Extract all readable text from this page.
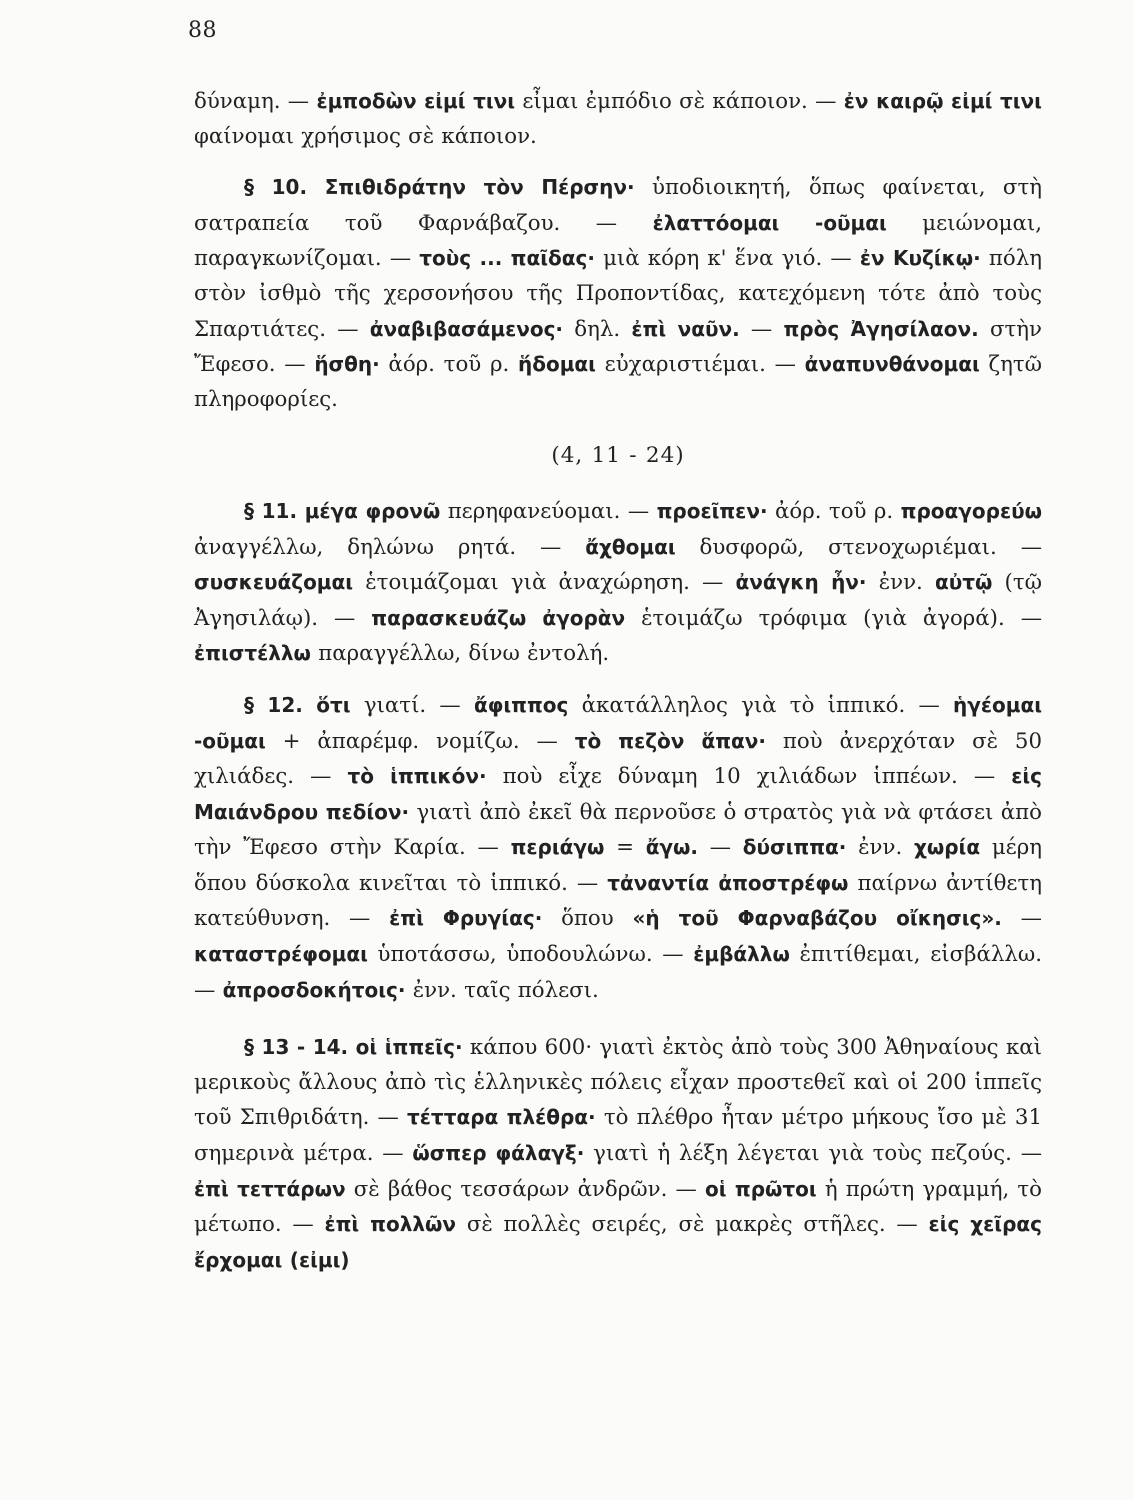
88

δύναμη. — ἐμποδὼν εἰμί τινι εἶμαι ἐμπόδιο σὲ κάποιον. — ἐν καιρῷ εἰμί τινι φαίνομαι χρήσιμος σὲ κάποιον.

§ 10. Σπιθιδράτην τὸν Πέρσην· ὑποδιοικητή, ὅπως φαίνεται, στὴ σατραπεία τοῦ Φαρνάβαζου. — ἐλαττόομαι -οῦμαι μειώνομαι, παραγκωνίζομαι. — τοὺς ... παῖδας· μιὰ κόρη κ' ἕνα γιό. — ἐν Κυζίκῳ· πόλη στὸν ἰσθμὸ τῆς χερσονήσου τῆς Προποντίδας, κατεχόμενη τότε ἀπὸ τοὺς Σπαρτιάτες. — ἀναβιβασάμενος· δηλ. ἐπὶ ναῦν. — πρὸς Ἀγησίλαον. στὴν Ἔφεσο. — ἥσθη· ἀόρ. τοῦ ρ. ἥδομαι εὐχαριστιέμαι. — ἀναπυνθάνομαι ζητῶ πληροφορίες.

(4, 11 - 24)

§ 11. μέγα φρονῶ περηφανεύομαι. — προεῖπεν· ἀόρ. τοῦ ρ. προαγορεύω ἀναγγέλλω, δηλώνω ρητά. — ἄχθομαι δυσφορῶ, στενοχωριέμαι. — συσκευάζομαι ἑτοιμάζομαι γιὰ ἀναχώρηση. — ἀνάγκη ἦν· ἐνν. αὐτῷ (τῷ Ἀγησιλάῳ). — παρασκευάζω ἀγορὰν ἑτοιμάζω τρόφιμα (γιὰ ἀγορά). — ἐπιστέλλω παραγγέλλω, δίνω ἐντολή.

§ 12. ὅτι γιατί. — ἄφιππος ἀκατάλληλος γιὰ τὸ ἱππικό. — ἡγέομαι -οῦμαι + ἀπαρέμφ. νομίζω. — τὸ πεζὸν ἅπαν· ποὺ ἀνερχόταν σὲ 50 χιλιάδες. — τὸ ἱππικόν· ποὺ εἶχε δύναμη 10 χιλιάδων ἱππέων. — εἰς Μαιάνδρου πεδίον· γιατὶ ἀπὸ ἐκεῖ θὰ περνοῦσε ὁ στρατὸς γιὰ νὰ φτάσει ἀπὸ τὴν Ἔφεσο στὴν Καρία. — περιάγω = ἄγω. — δύσιππα· ἐνν. χωρία μέρη ὅπου δύσκολα κινεῖται τὸ ἱππικό. — τἀναντία ἀποστρέφω παίρνω ἀντίθετη κατεύθυνση. — ἐπὶ Φρυγίας· ὅπου «ἡ τοῦ Φαρναβάζου οἴκησις». — καταστρέφομαι ὑποτάσσω, ὑποδουλώνω. — ἐμβάλλω ἐπιτίθεμαι, εἰσβάλλω. — ἀπροσδοκήτοις· ἐνν. ταῖς πόλεσι.

§ 13 - 14. οἱ ἱππεῖς· κάπου 600· γιατὶ ἐκτὸς ἀπὸ τοὺς 300 Ἀθηναίους καὶ μερικοὺς ἄλλους ἀπὸ τὶς ἑλληνικὲς πόλεις εἶχαν προστεθεῖ καὶ οἱ 200 ἱππεῖς τοῦ Σπιθριδάτη. — τέτταρα πλέθρα· τὸ πλέθρο ἦταν μέτρο μήκους ἴσο μὲ 31 σημερινὰ μέτρα. — ὥσπερ φάλαγξ· γιατὶ ἡ λέξη λέγεται γιὰ τοὺς πεζούς. — ἐπὶ τεττάρων σὲ βάθος τεσσάρων ἀνδρῶν. — οἱ πρῶτοι ἡ πρώτη γραμμή, τὸ μέτωπο. — ἐπὶ πολλῶν σὲ πολλὲς σειρές, σὲ μακρὲς στῆλες. — εἰς χεῖρας ἔρχομαι (εἰμι)
